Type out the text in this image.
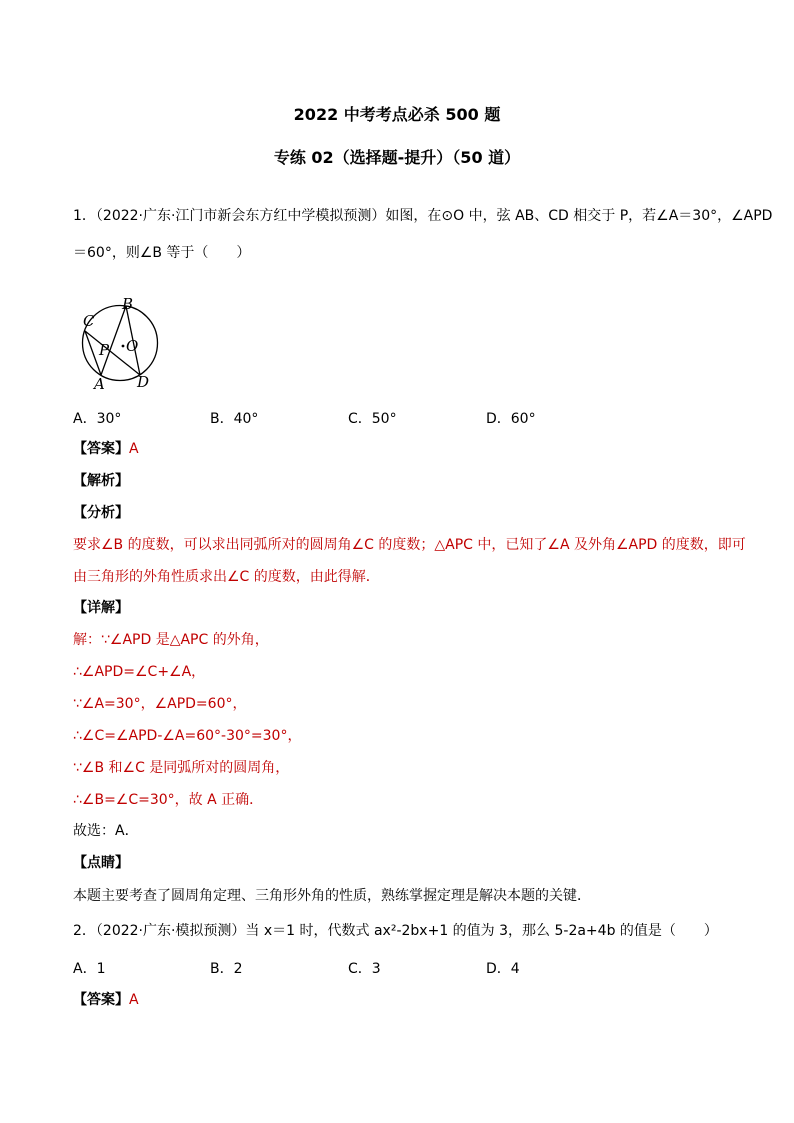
2022 中考考点必杀 500 题
专练 02（选择题-提升）（50 道）
1．（2022·广东·江门市新会东方红中学模拟预测）如图，在⊙O 中，弦 AB、CD 相交于 P，若∠A＝30°，∠APD
＝60°，则∠B 等于（　　）
C
B
P O
A D
A．30°	B．40°	C．50°	D．60°
【答案】A
【解析】
【分析】
要求∠B 的度数，可以求出同弧所对的圆周角∠C 的度数；△APC 中，已知了∠A 及外角∠APD 的度数，即可
由三角形的外角性质求出∠C 的度数，由此得解．
【详解】
解：∵∠APD 是△APC 的外角，
∴∠APD=∠C+∠A，
∵∠A=30°，∠APD=60°，
∴∠C=∠APD-∠A=60°-30°=30°，
∵∠B 和∠C 是同弧所对的圆周角，
∴∠B=∠C=30°，故 A 正确．
故选：A．
【点睛】
本题主要考查了圆周角定理、三角形外角的性质，熟练掌握定理是解决本题的关键．
2．（2022·广东·模拟预测）当 x＝1 时，代数式 ax²-2bx+1 的值为 3，那么 5-2a+4b 的值是（　　）
A．1	B．2	C．3	D．4
【答案】A
